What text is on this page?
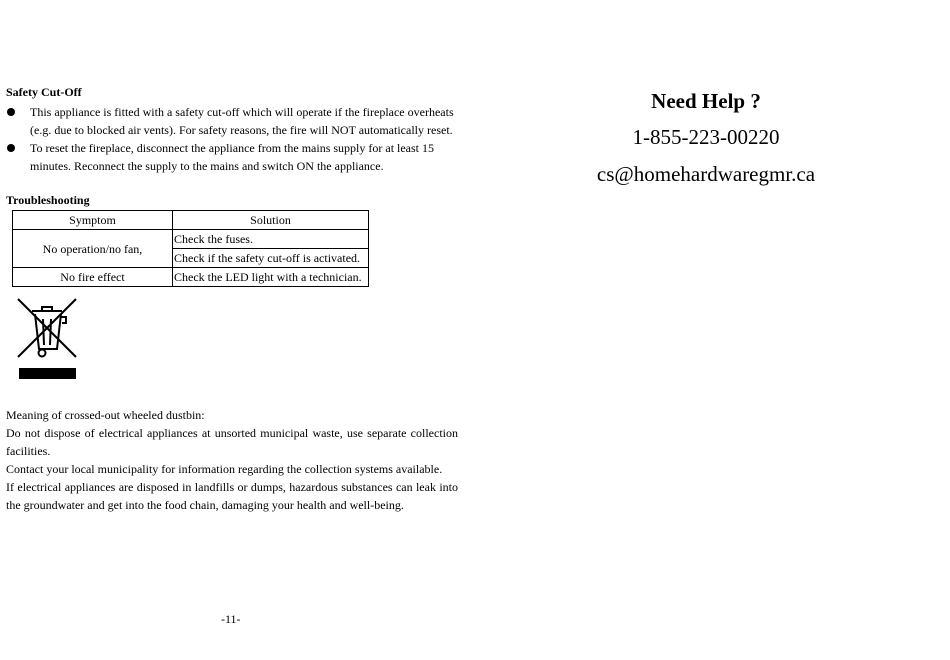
Safety Cut-Off
This appliance is fitted with a safety cut-off which will operate if the fireplace overheats (e.g. due to blocked air vents). For safety reasons, the fire will NOT automatically reset.
To reset the fireplace, disconnect the appliance from the mains supply for at least 15 minutes. Reconnect the supply to the mains and switch ON the appliance.
Troubleshooting
Symptom	Solution
No operation/no fan,	Check the fuses.
	Check if the safety cut-off is activated.
No fire effect	Check the LED light with a technician.

Meaning of crossed-out wheeled dustbin:

Do not dispose of electrical appliances at unsorted municipal waste, use separate collection facilities.

Contact your local municipality for information regarding the collection systems available.

If electrical appliances are disposed in landfills or dumps, hazardous substances can leak into the groundwater and get into the food chain, damaging your health and well-being.

-11-
Need Help ?
1-855-223-00220
cs@homehardwaregmr.ca
